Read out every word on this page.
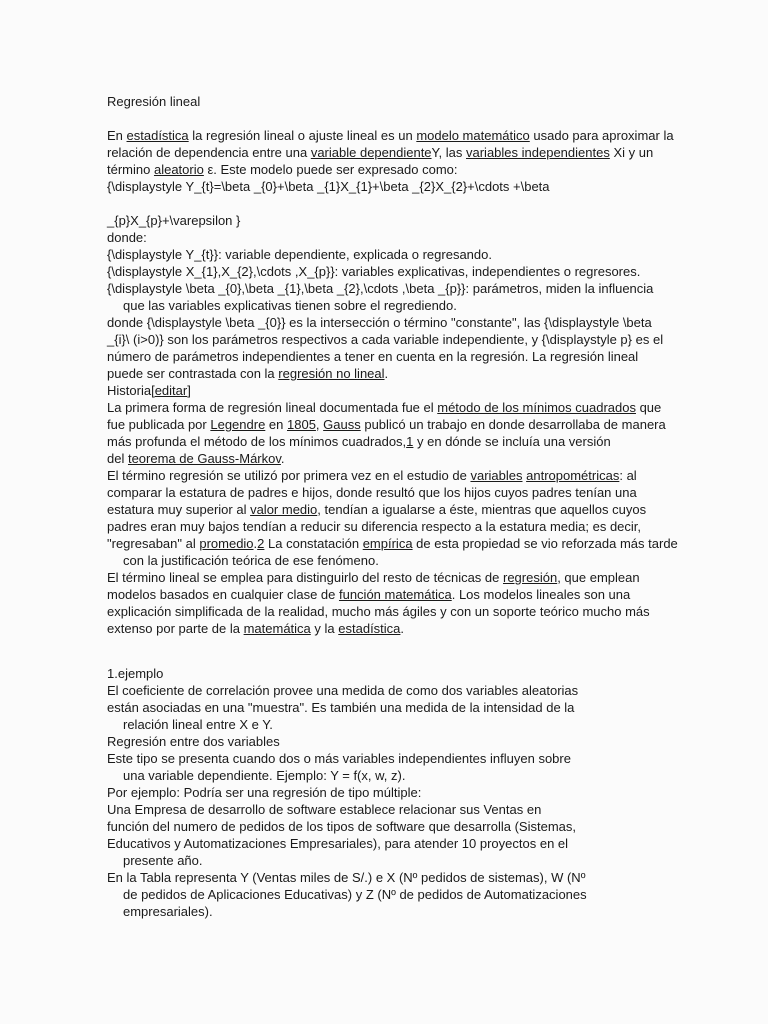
Regresión lineal
En estadística la regresión lineal o ajuste lineal es un modelo matemático usado para aproximar la
relación de dependencia entre una variable dependienteY, las variables independientes Xi y un
término aleatorio ε. Este modelo puede ser expresado como:
{\displaystyle Y_{t}=\beta _{0}+\beta _{1}X_{1}+\beta _{2}X_{2}+\cdots +\beta
_{p}X_{p}+\varepsilon }
donde:
{\displaystyle Y_{t}}: variable dependiente, explicada o regresando.
{\displaystyle X_{1},X_{2},\cdots ,X_{p}}: variables explicativas, independientes o regresores.
{\displaystyle \beta _{0},\beta _{1},\beta _{2},\cdots ,\beta _{p}}: parámetros, miden la influencia
que las variables explicativas tienen sobre el regrediendo.
donde {\displaystyle \beta _{0}} es la intersección o término "constante", las {\displaystyle \beta
_{i}\ (i>0)} son los parámetros respectivos a cada variable independiente, y {\displaystyle p} es el
número de parámetros independientes a tener en cuenta en la regresión. La regresión lineal
puede ser contrastada con la regresión no lineal.
Historia[editar]
La primera forma de regresión lineal documentada fue el método de los mínimos cuadrados que
fue publicada por Legendre en 1805, Gauss publicó un trabajo en donde desarrollaba de manera
más profunda el método de los mínimos cuadrados,1 y en dónde se incluía una versión
del teorema de Gauss-Márkov.
El término regresión se utilizó por primera vez en el estudio de variables antropométricas: al
comparar la estatura de padres e hijos, donde resultó que los hijos cuyos padres tenían una
estatura muy superior al valor medio, tendían a igualarse a éste, mientras que aquellos cuyos
padres eran muy bajos tendían a reducir su diferencia respecto a la estatura media; es decir,
"regresaban" al promedio.2 La constatación empírica de esta propiedad se vio reforzada más tarde
con la justificación teórica de ese fenómeno.
El término lineal se emplea para distinguirlo del resto de técnicas de regresión, que emplean
modelos basados en cualquier clase de función matemática. Los modelos lineales son una
explicación simplificada de la realidad, mucho más ágiles y con un soporte teórico mucho más
extenso por parte de la matemática y la estadística.
1.ejemplo
El coeficiente de correlación provee una medida de como dos variables aleatorias
están asociadas en una "muestra". Es también una medida de la intensidad de la
relación lineal entre X e Y.
Regresión entre dos variables
Este tipo se presenta cuando dos o más variables independientes influyen sobre
una variable dependiente. Ejemplo: Y = f(x, w, z).
Por ejemplo: Podría ser una regresión de tipo múltiple:
Una Empresa de desarrollo de software establece relacionar sus Ventas en
función del numero de pedidos de los tipos de software que desarrolla (Sistemas,
Educativos y Automatizaciones Empresariales), para atender 10 proyectos en el
presente año.
En la Tabla representa Y (Ventas miles de S/.) e X (Nº pedidos de sistemas), W (Nº
de pedidos de Aplicaciones Educativas) y Z (Nº de pedidos de Automatizaciones
empresariales).
